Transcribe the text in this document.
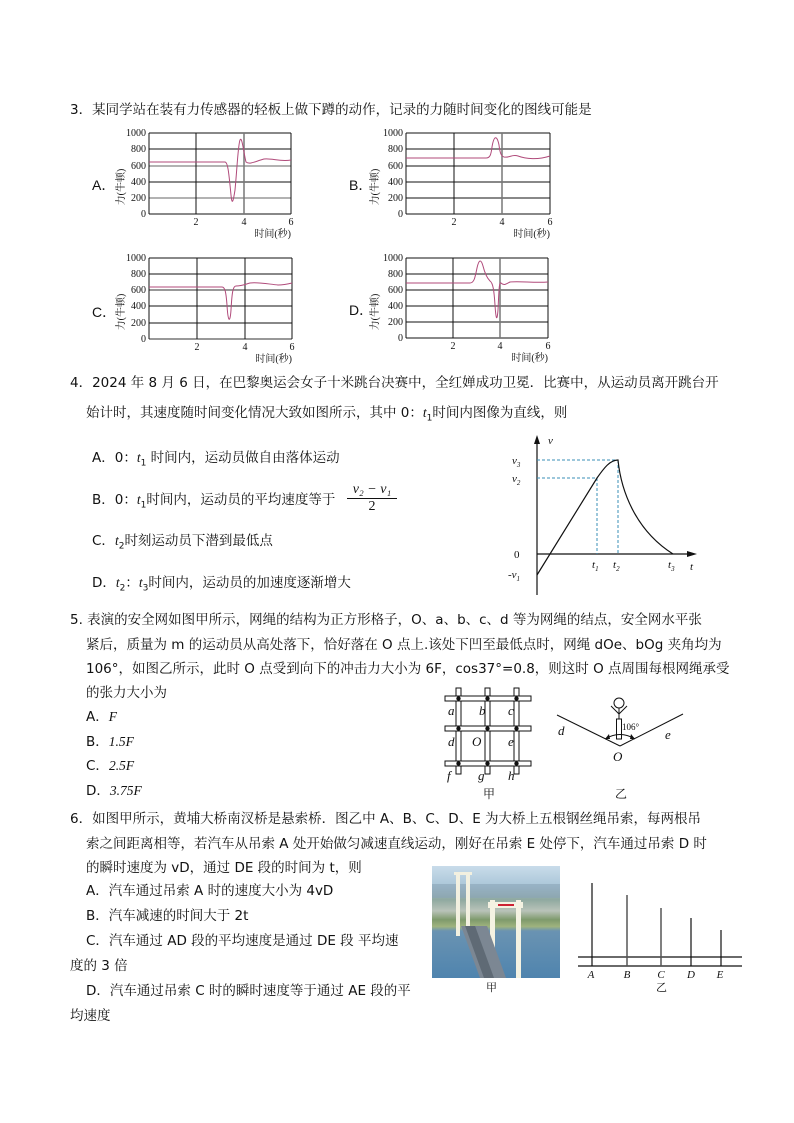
3．某同学站在装有力传感器的轻板上做下蹲的动作，记录的力随时间变化的图线可能是
A． 力(牛顿)
1000
800
600
400
200
0
2	4	6
时间(秒)
B．
力(牛顿)
1000
800
600
400
200
0
2	4	6
时间(秒)
C． 力(牛顿)
1000
800
600
400
200
0
2	4	6
时间(秒)
D．
力(牛顿)
1000
800
600
400
200
0
2	4	6
时间(秒)
4．2024 年 8 月 6 日，在巴黎奥运会女子十米跳台决赛中，全红婵成功卫冕．比赛中，从运动员离开跳台开
始计时，其速度随时间变化情况大致如图所示，其中 0：$t_1$时间内图像为直线，则
A．0：$t_1$ 时间内，运动员做自由落体运动
B．0：$t_1$时间内，运动员的平均速度等于 $\frac{\text{v₂ − v₁}}{2}$
C．$t_2$时刻运动员下潜到最低点
D．$t_2$：$t_3$时间内，运动员的加速度逐渐增大
v
$v_3$
$v_2$
0
$-v_1$
$t_1$ $t_2$	$t_3$ t
5. 表演的安全网如图甲所示，网绳的结构为正方形格子，O、a、b、c、d 等为网绳的结点，安全网水平张
紧后，质量为 m 的运动员从高处落下，恰好落在 O 点上.该处下凹至最低点时，网绳 dOe、bOg 夹角均为
106°，如图乙所示，此时 O 点受到向下的冲击力大小为 6F，cos37°=0.8，则这时 O 点周围每根网绳承受
的张力大小为
A．F
B．1.5F
C．2.5F
D．3.75F
a b c
d O e
f g h
甲
106°
d	e
O
乙
6．如图甲所示，黄埔大桥南汊桥是悬索桥．图乙中 A、B、C、D、E 为大桥上五根钢丝绳吊索，每两根吊
索之间距离相等，若汽车从吊索 A 处开始做匀减速直线运动，刚好在吊索 E 处停下，汽车通过吊索 D 时
的瞬时速度为 vD，通过 DE 段的时间为 t，则
A．汽车通过吊索 A 时的速度大小为 4vD
B．汽车减速的时间大于 2t
C．汽车通过 AD 段的平均速度是通过 DE 段 平均速
度的 3 倍
D．汽车通过吊索 C 时的瞬时速度等于通过 AE 段的平
均速度
甲
A	B C D E
乙
